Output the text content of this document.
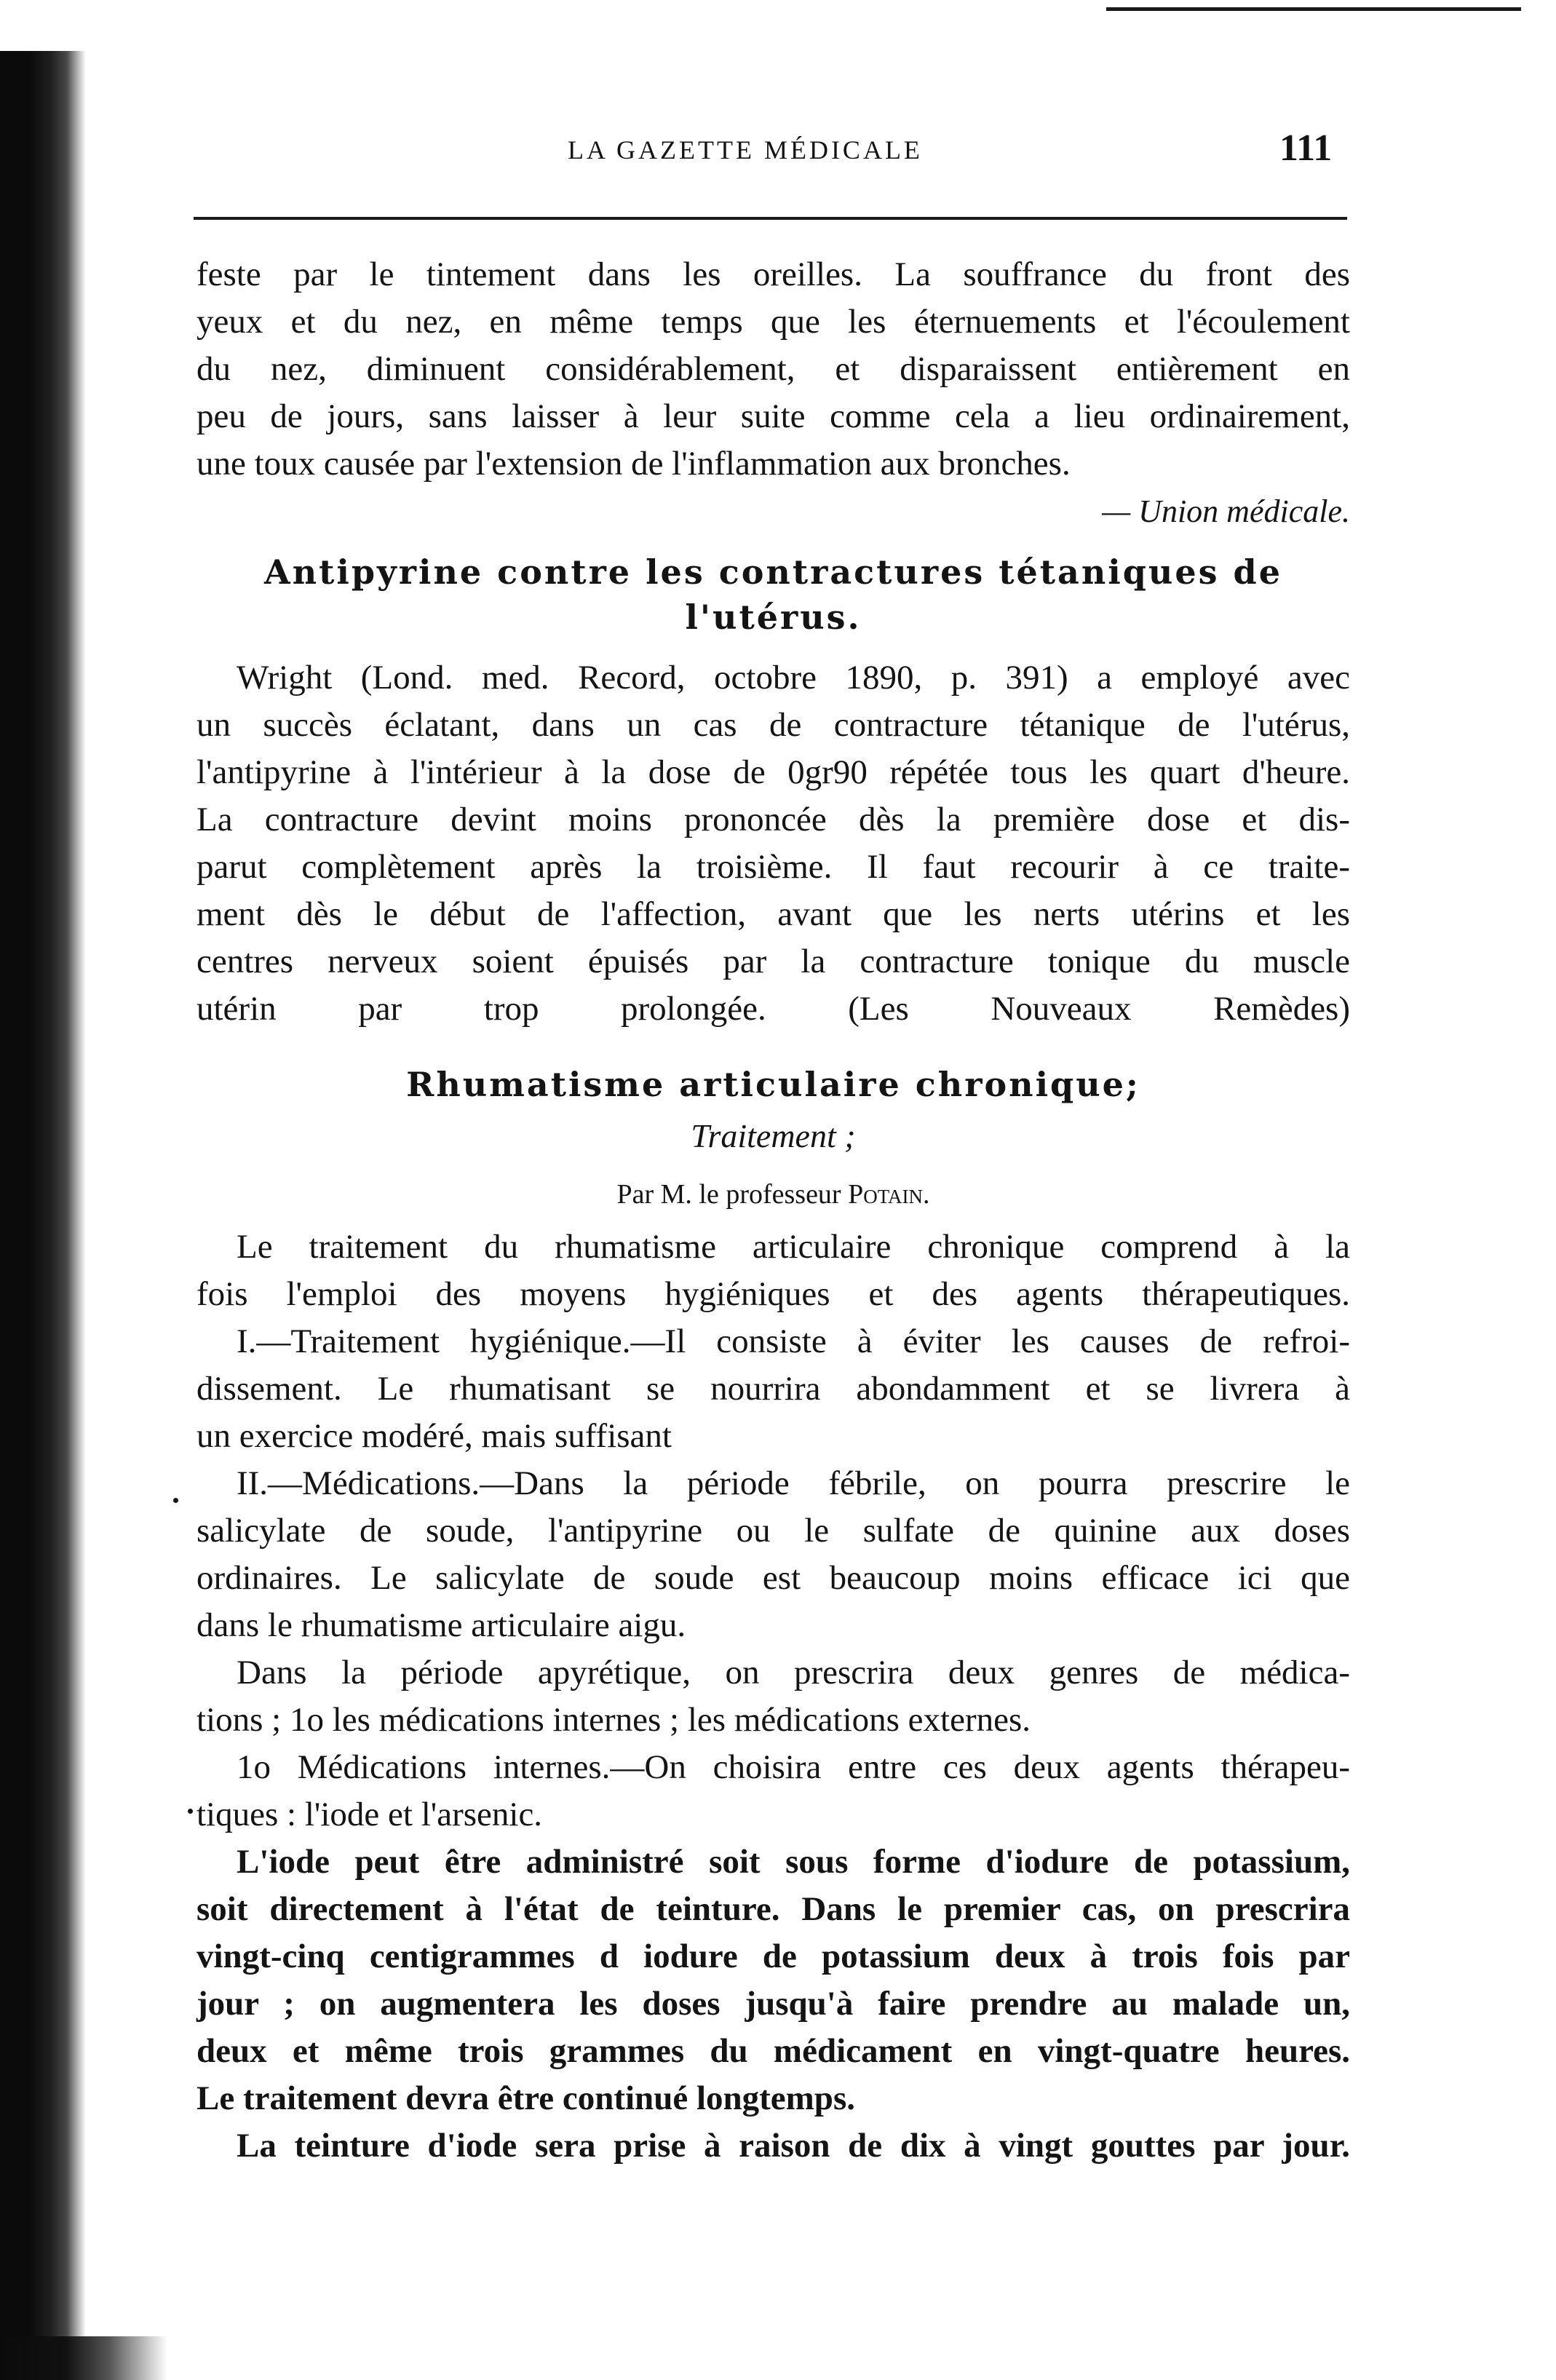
LA GAZETTE MÉDICALE	111
feste par le tintement dans les oreilles. La souffrance du front des
yeux et du nez, en même temps que les éternuements et l'écoulement
du nez, diminuent considérablement, et disparaissent entièrement en
peu de jours, sans laisser à leur suite comme cela a lieu ordinairement,
une toux causée par l'extension de l'inflammation aux bronches.
— Union médicale.
Antipyrine contre les contractures tétaniques de
l'utérus.
Wright (Lond. med. Record, octobre 1890, p. 391) a employé avec
un succès éclatant, dans un cas de contracture tétanique de l'utérus,
l'antipyrine à l'intérieur à la dose de 0gr90 répétée tous les quart d'heure.
La contracture devint moins prononcée dès la première dose et dis-
parut complètement après la troisième. Il faut recourir à ce traite-
ment dès le début de l'affection, avant que les nerts utérins et les
centres nerveux soient épuisés par la contracture tonique du muscle
utérin par trop prolongée. (Les Nouveaux Remèdes)
Rhumatisme articulaire chronique;
Traitement ;
Par M. le professeur Potain.
Le traitement du rhumatisme articulaire chronique comprend à la
fois l'emploi des moyens hygiéniques et des agents thérapeutiques.
I.—Traitement hygiénique.—Il consiste à éviter les causes de refroi-
dissement. Le rhumatisant se nourrira abondamment et se livrera à
un exercice modéré, mais suffisant
II.—Médications.—Dans la période fébrile, on pourra prescrire le
salicylate de soude, l'antipyrine ou le sulfate de quinine aux doses
ordinaires. Le salicylate de soude est beaucoup moins efficace ici que
dans le rhumatisme articulaire aigu.
Dans la période apyrétique, on prescrira deux genres de médica-
tions ; 1o les médications internes ; les médications externes.
1o Médications internes.—On choisira entre ces deux agents thérapeu-
tiques : l'iode et l'arsenic.
L'iode peut être administré soit sous forme d'iodure de potassium,
soit directement à l'état de teinture. Dans le premier cas, on prescrira
vingt-cinq centigrammes d iodure de potassium deux à trois fois par
jour ; on augmentera les doses jusqu'à faire prendre au malade un,
deux et même trois grammes du médicament en vingt-quatre heures.
Le traitement devra être continué longtemps.
La teinture d'iode sera prise à raison de dix à vingt gouttes par jour.
